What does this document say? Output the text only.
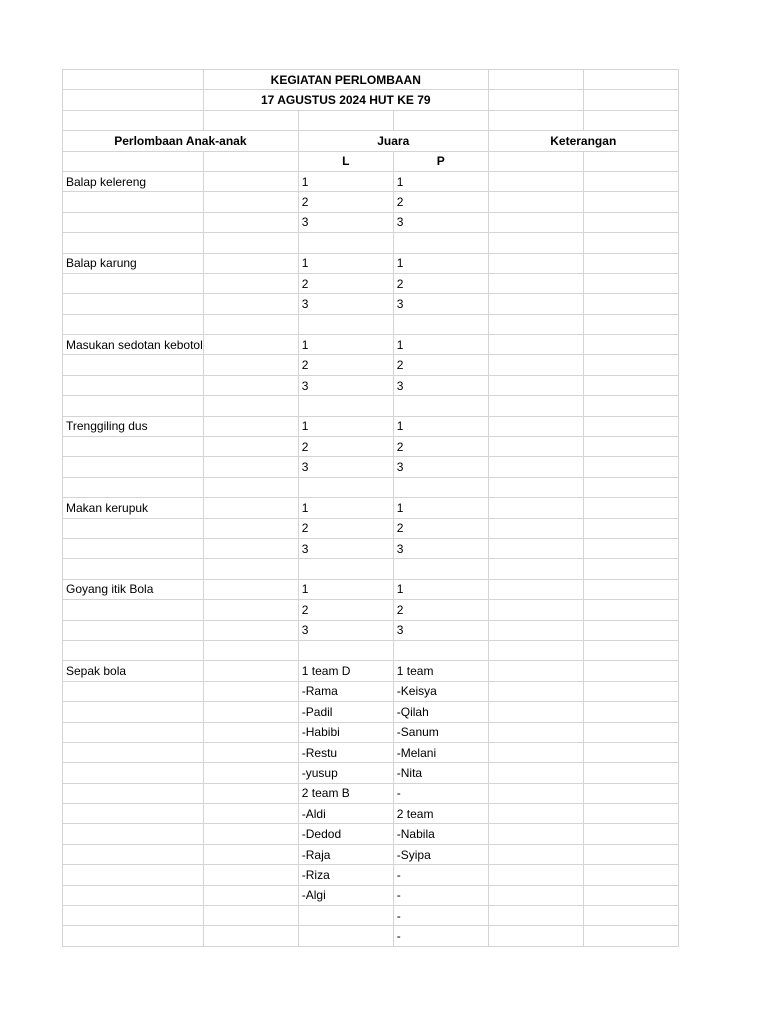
	KEGIATAN PERLOMBAAN				
	17 AGUSTUS 2024 HUT KE 79				

Perlombaan Anak-anak		Juara		Keterangan	
		L	P		
Balap kelereng		1	1		
		2	2		
		3	3		

Balap karung		1	1		
		2	2		
		3	3		

Masukan sedotan kebotol		1	1		
		2	2		
		3	3		

Trenggiling dus		1	1		
		2	2		
		3	3		

Makan kerupuk		1	1		
		2	2		
		3	3		

Goyang itik Bola		1	1		
		2	2		
		3	3		

Sepak bola		1 team D	1 team		
		-Rama	-Keisya		
		-Padil	-Qilah		
		-Habibi	-Sanum		
		-Restu	-Melani		
		-yusup	-Nita		
		2 team B	-		
		-Aldi	2 team		
		-Dedod	-Nabila		
		-Raja	-Syipa		
		-Riza	-		
		-Algi	-		
			-		
			-		
